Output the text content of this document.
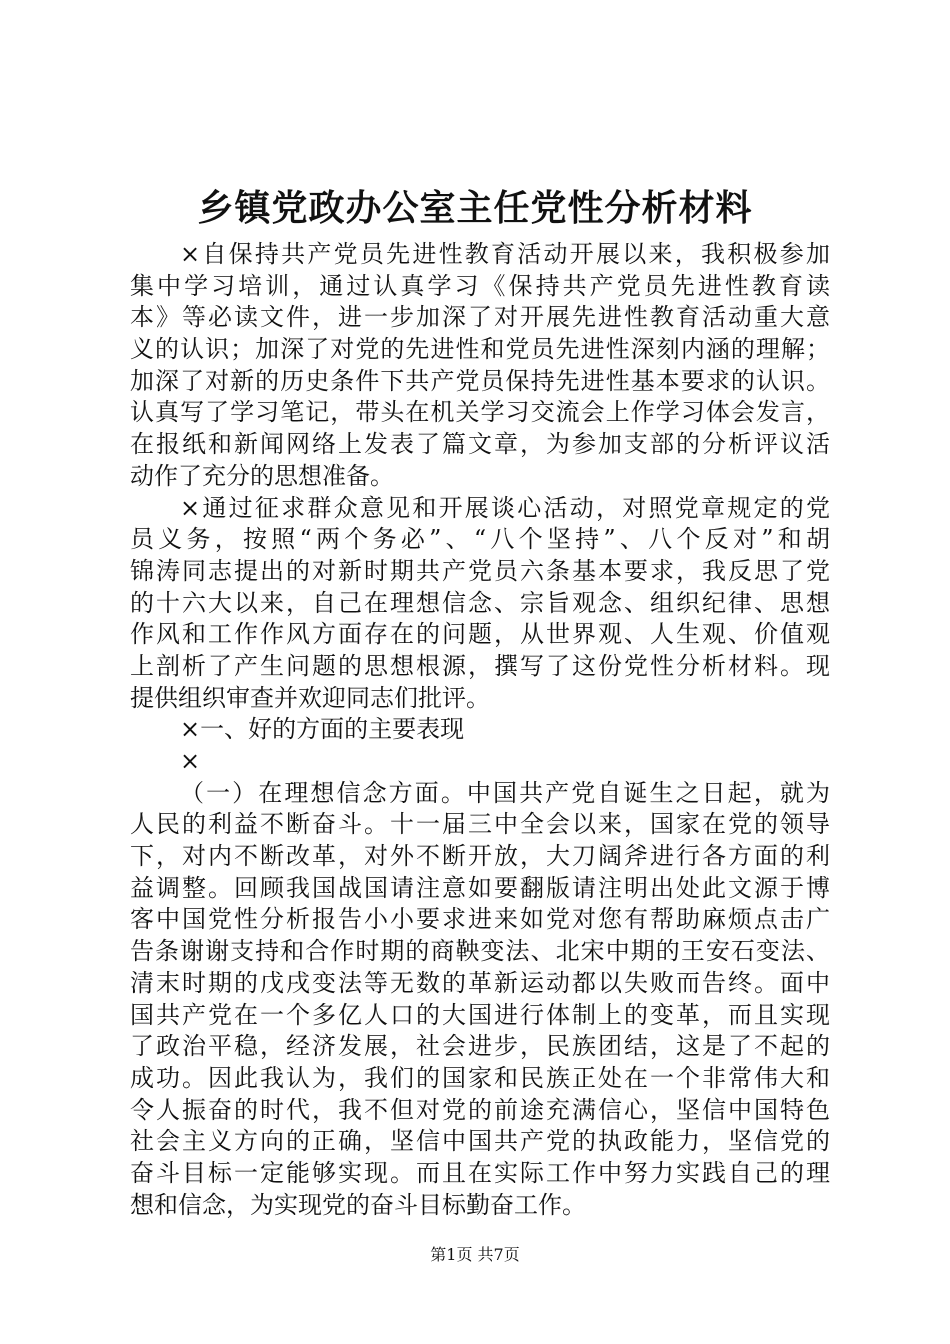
乡镇党政办公室主任党性分析材料
×自保持共产党员先进性教育活动开展以来，我积极参加
集中学习培训，通过认真学习《保持共产党员先进性教育读
本》等必读文件，进一步加深了对开展先进性教育活动重大意
义的认识；加深了对党的先进性和党员先进性深刻内涵的理解；
加深了对新的历史条件下共产党员保持先进性基本要求的认识。
认真写了学习笔记，带头在机关学习交流会上作学习体会发言，
在报纸和新闻网络上发表了篇文章，为参加支部的分析评议活
动作了充分的思想准备。
×通过征求群众意见和开展谈心活动，对照党章规定的党
员义务，按照“两个务必”、“八个坚持”、八个反对”和胡
锦涛同志提出的对新时期共产党员六条基本要求，我反思了党
的十六大以来，自己在理想信念、宗旨观念、组织纪律、思想
作风和工作作风方面存在的问题，从世界观、人生观、价值观
上剖析了产生问题的思想根源，撰写了这份党性分析材料。现
提供组织审查并欢迎同志们批评。
×一、好的方面的主要表现
×
（一）在理想信念方面。中国共产党自诞生之日起，就为
人民的利益不断奋斗。十一届三中全会以来，国家在党的领导
下，对内不断改革，对外不断开放，大刀阔斧进行各方面的利
益调整。回顾我国战国请注意如要翻版请注明出处此文源于博
客中国党性分析报告小小要求进来如党对您有帮助麻烦点击广
告条谢谢支持和合作时期的商鞅变法、北宋中期的王安石变法、
清末时期的戊戌变法等无数的革新运动都以失败而告终。面中
国共产党在一个多亿人口的大国进行体制上的变革，而且实现
了政治平稳，经济发展，社会进步，民族团结，这是了不起的
成功。因此我认为，我们的国家和民族正处在一个非常伟大和
令人振奋的时代，我不但对党的前途充满信心，坚信中国特色
社会主义方向的正确，坚信中国共产党的执政能力，坚信党的
奋斗目标一定能够实现。而且在实际工作中努力实践自己的理
想和信念，为实现党的奋斗目标勤奋工作。
第1页 共7页
